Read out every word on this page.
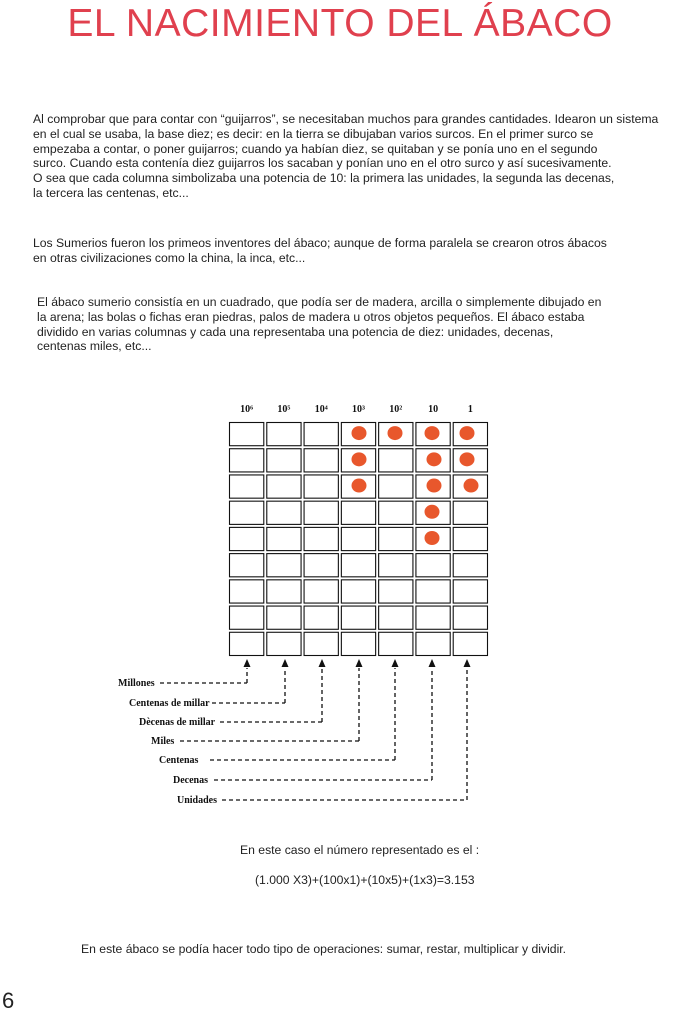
EL NACIMIENTO DEL ÁBACO
Al comprobar que para contar con “guijarros”, se necesitaban muchos para grandes cantidades. Idearon un sistema
en el cual se usaba, la base diez; es decir: en la tierra se dibujaban varios surcos. En el primer surco se
empezaba a contar, o poner guijarros; cuando ya habían diez, se quitaban y se ponía uno en el segundo
surco. Cuando esta contenía diez guijarros los sacaban y ponían uno en el otro surco y así sucesivamente.
O sea que cada columna simbolizaba una potencia de 10: la primera las unidades, la segunda las decenas,
la tercera las centenas, etc...
Los Sumerios fueron los primeos inventores del ábaco; aunque de forma paralela se crearon otros ábacos
en otras civilizaciones como la china, la inca, etc...
El ábaco sumerio consistía en un cuadrado, que podía ser de madera, arcilla o simplemente dibujado en
la arena; las bolas o fichas eran piedras, palos de madera u otros objetos pequeños. El ábaco estaba
dividido en varias columnas y cada una representaba una potencia de diez: unidades, decenas,
centenas miles, etc...
10⁶ 10⁵ 10⁴ 10³ 10²	10	1
Millones
Centenas de millar
Dècenas de millar
Miles
Centenas
Decenas
Unidades
En este caso el número representado es el :
(1.000 X3)+(100x1)+(10x5)+(1x3)=3.153
En este ábaco se podía hacer todo tipo de operaciones: sumar, restar, multiplicar y dividir.
6
